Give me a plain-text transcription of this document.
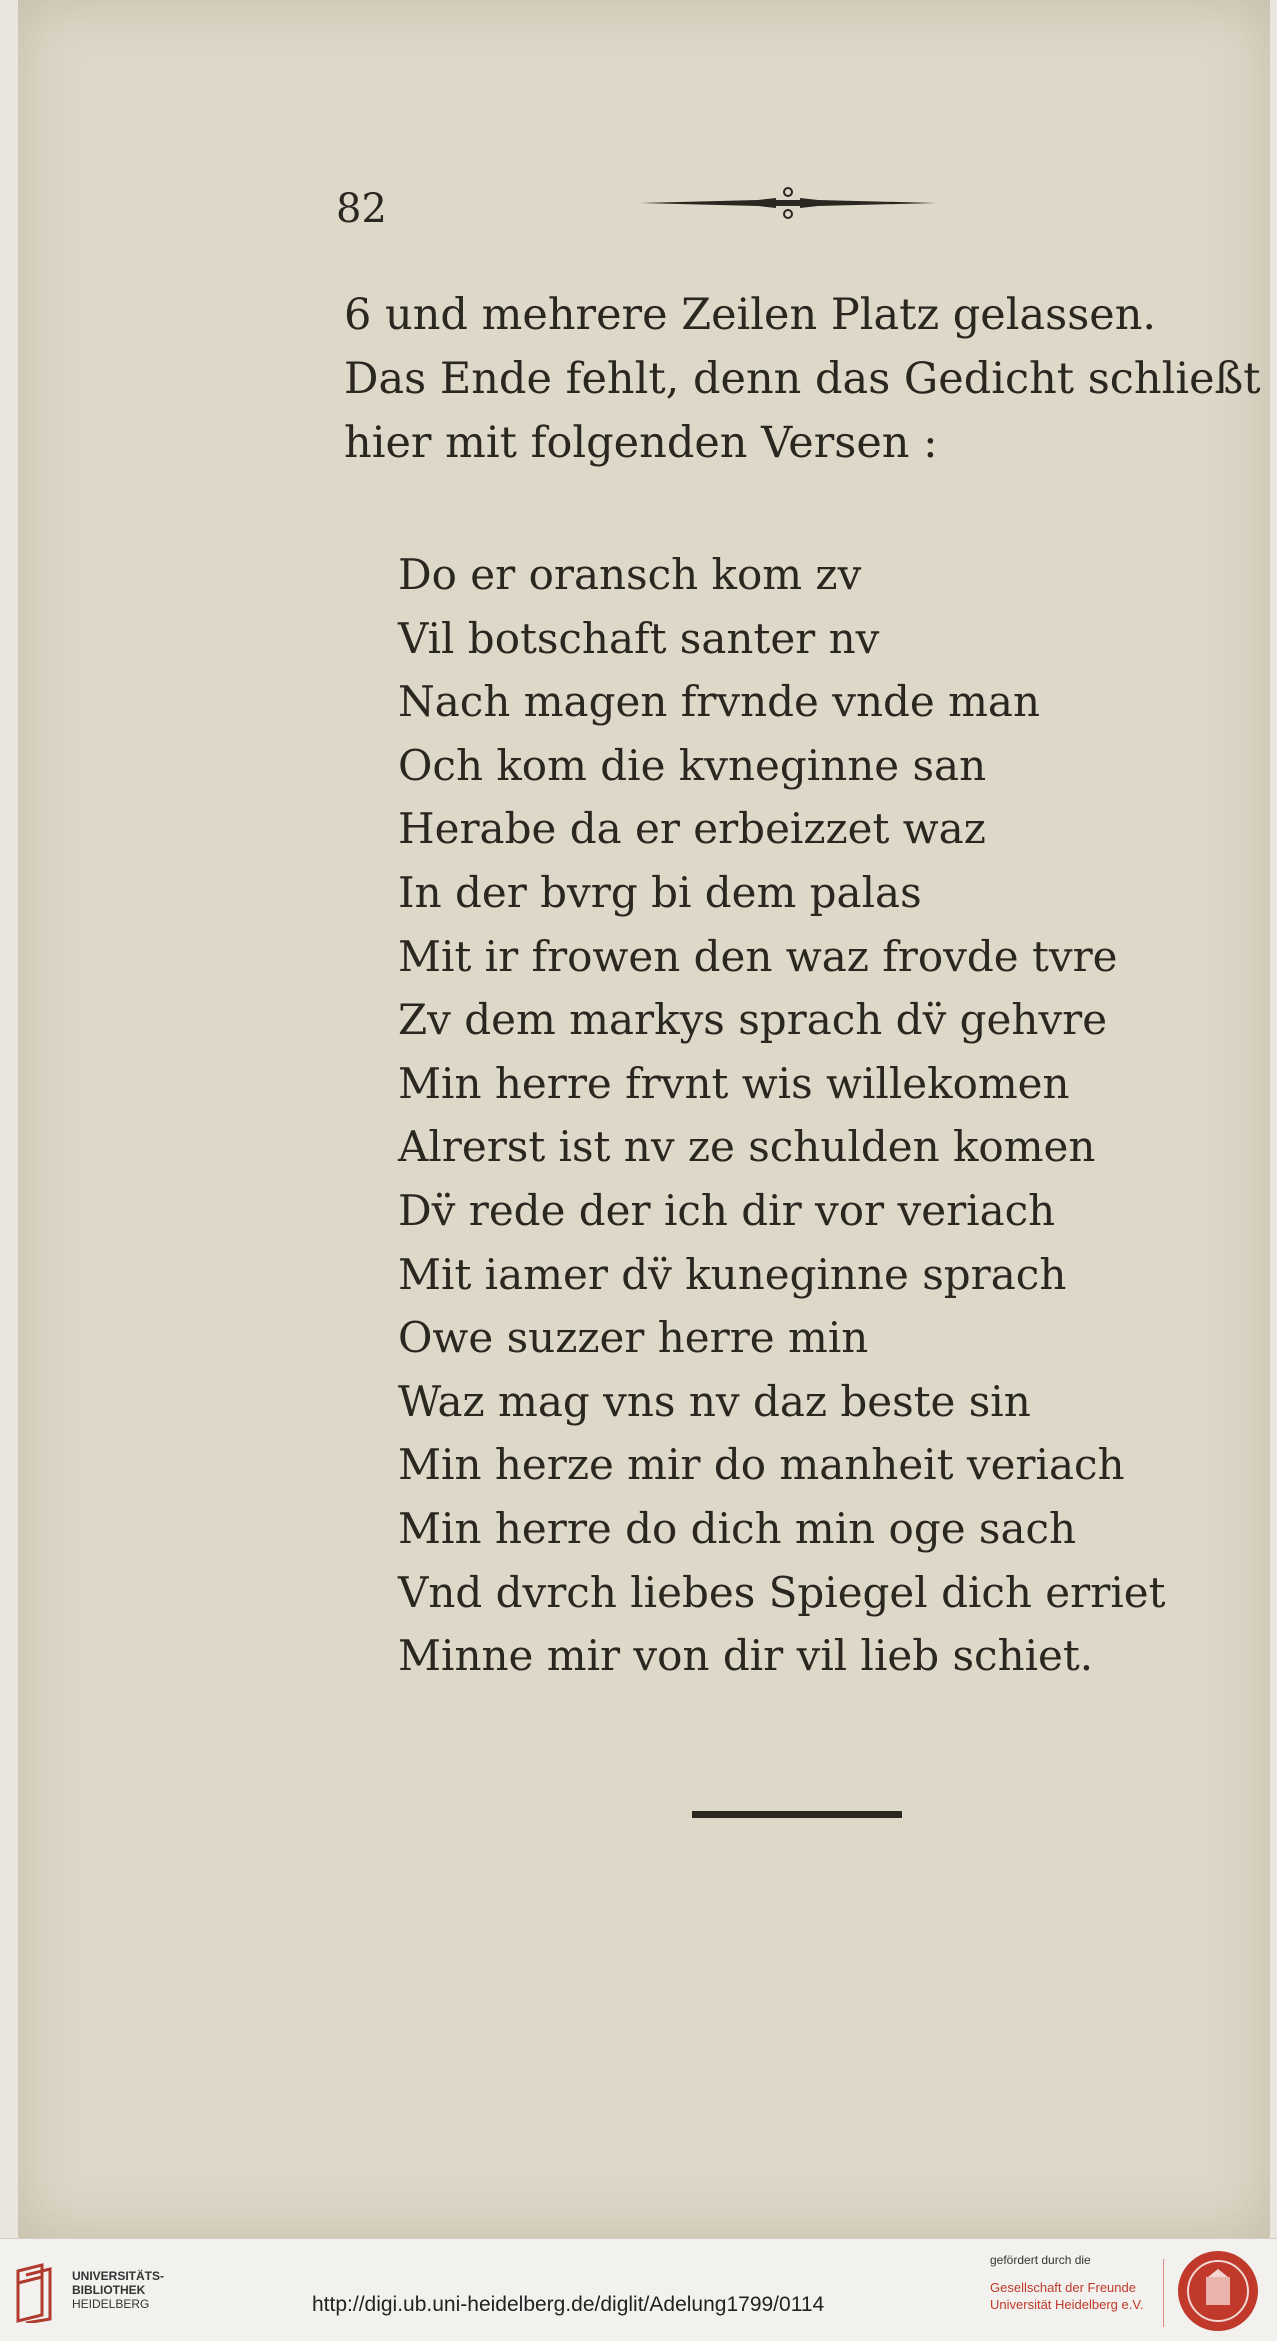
82
6 und mehrere Zeilen Platz gelassen.
Das Ende fehlt, denn das Gedicht schließt
hier mit folgenden Versen :
Do er oransch kom zv
Vil botschaft santer nv
Nach magen frvnde vnde man
Och kom die kvneginne san
Herabe da er erbeizzet waz
In der bvrg bi dem palas
Mit ir frowen den waz frovde tvre
Zv dem markys sprach dv̈ gehvre
Min herre frvnt wis willekomen
Alrerst ist nv ze schulden komen
Dv̈ rede der ich dir vor veriach
Mit iamer dv̈ kuneginne sprach
Owe suzzer herre min
Waz mag vns nv daz beste sin
Min herze mir do manheit veriach
Min herre do dich min oge sach
Vnd dvrch liebes Spiegel dich erriet
Minne mir von dir vil lieb schiet.
UNIVERSITÄTS-
BIBLIOTHEK
HEIDELBERG	http://digi.ub.uni-heidelberg.de/diglit/Adelung1799/0114
gefördert durch die
Gesellschaft der Freunde
Universität Heidelberg e.V.
